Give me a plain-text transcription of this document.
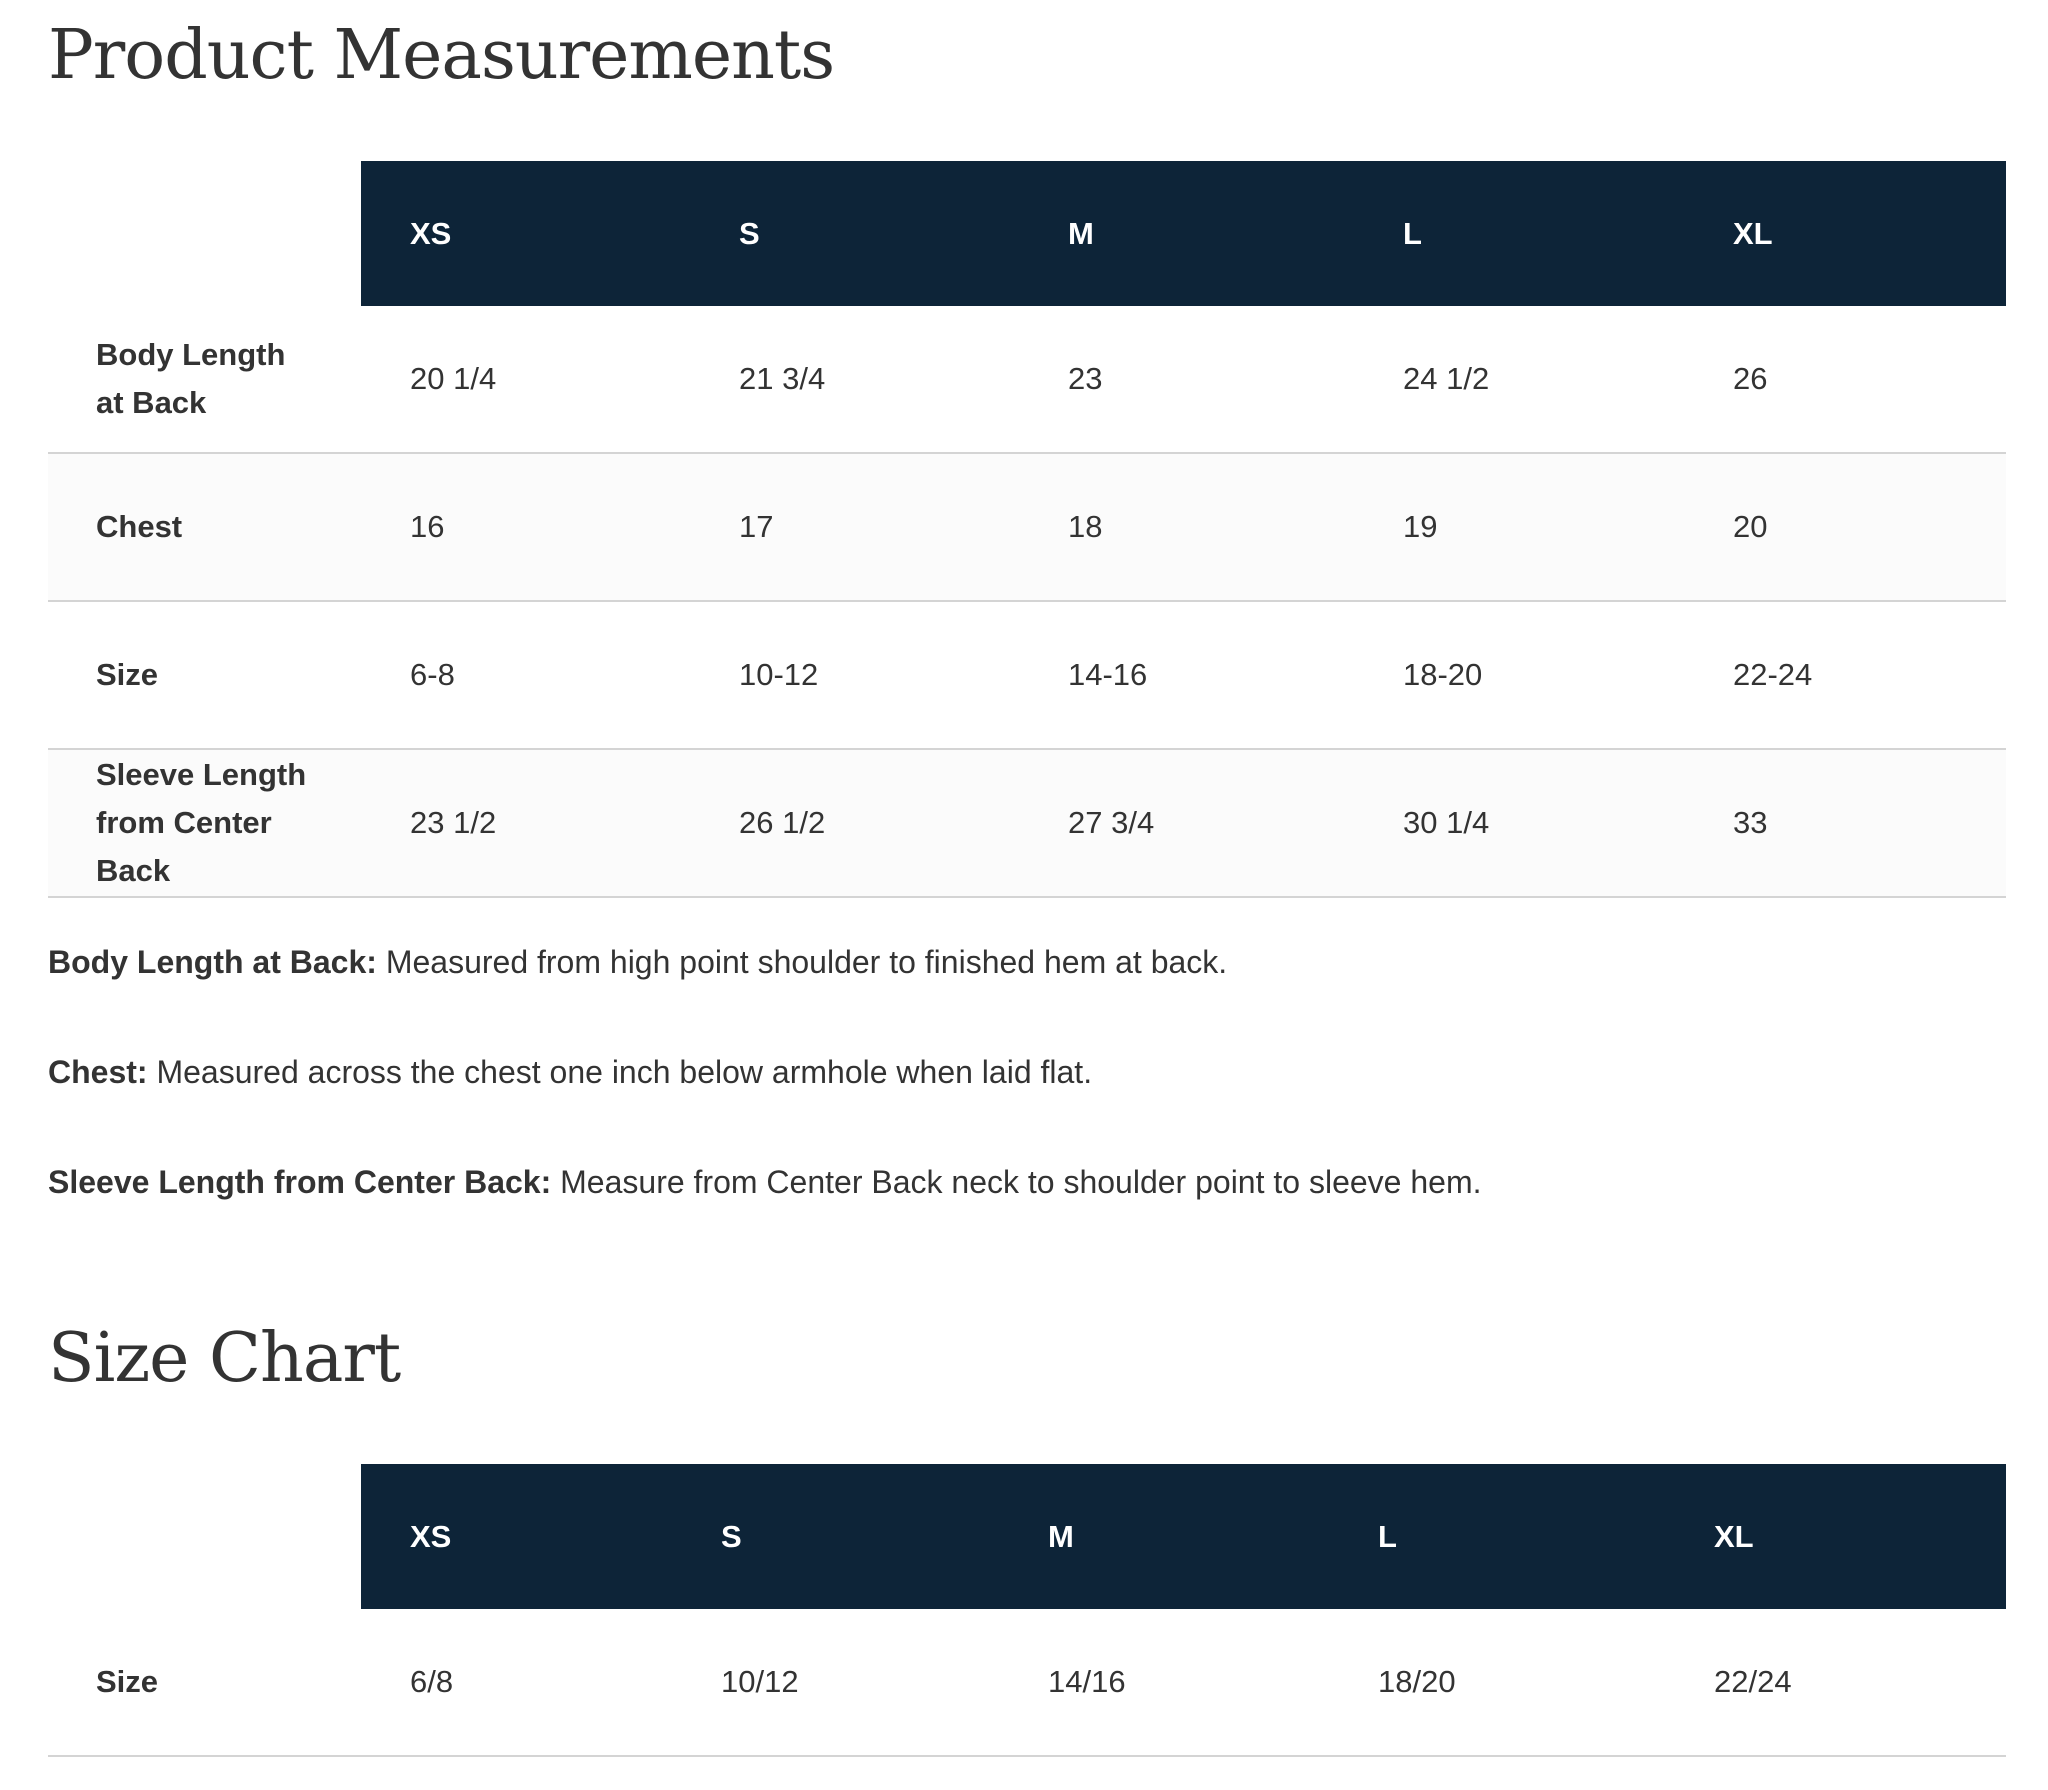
Product Measurements
	XS	S	M	L	XL
Body Length at Back	20 1/4	21 3/4	23	24 1/2	26
Chest	16	17	18	19	20
Size	6-8	10-12	14-16	18-20	22-24
Sleeve Length from Center Back	23 1/2	26 1/2	27 3/4	30 1/4	33

Body Length at Back: Measured from high point shoulder to finished hem at back.

Chest: Measured across the chest one inch below armhole when laid flat.

Sleeve Length from Center Back: Measure from Center Back neck to shoulder point to sleeve hem.

Size Chart
	XS	S	M	L	XL
Size	6/8	10/12	14/16	18/20	22/24
